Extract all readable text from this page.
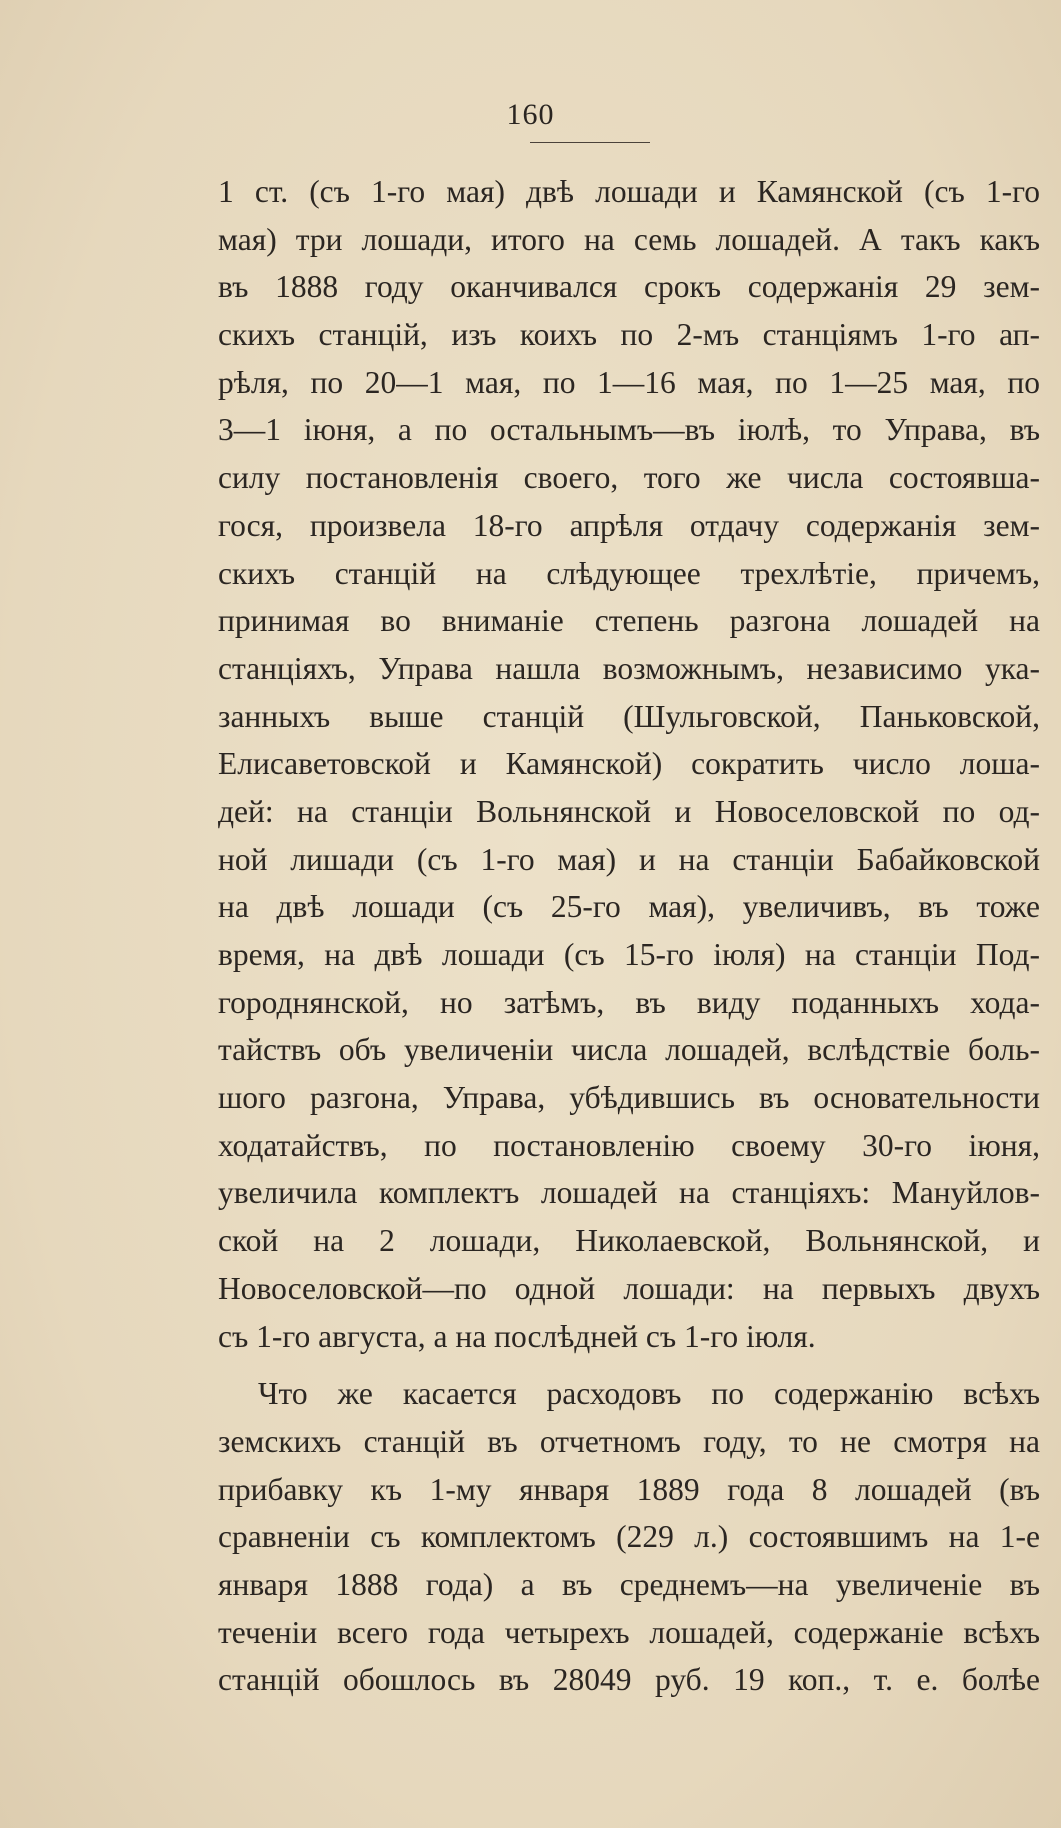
160
1 ст. (съ 1-го мая) двѣ лошади и Камянской (съ 1-го
мая) три лошади, итого на семь лошадей. А такъ какъ
въ 1888 году оканчивался срокъ содержанія 29 зем-
скихъ станцій, изъ коихъ по 2-мъ станціямъ 1-го ап-
рѣля, по 20—1 мая, по 1—16 мая, по 1—25 мая, по
3—1 іюня, а по остальнымъ—въ іюлѣ, то Управа, въ
силу постановленія своего, того же числа состоявша-
гося, произвела 18-го апрѣля отдачу содержанія зем-
скихъ станцій на слѣдующее трехлѣтіе, причемъ,
принимая во вниманіе степень разгона лошадей на
станціяхъ, Управа нашла возможнымъ, независимо ука-
занныхъ выше станцій (Шульговской, Паньковской,
Елисаветовской и Камянской) сократить число лоша-
дей: на станціи Вольнянской и Новоселовской по од-
ной лишади (съ 1-го мая) и на станціи Бабайковской
на двѣ лошади (съ 25-го мая), увеличивъ, въ тоже
время, на двѣ лошади (съ 15-го іюля) на станціи Под-
городнянской, но затѣмъ, въ виду поданныхъ хода-
тайствъ объ увеличеніи числа лошадей, вслѣдствіе боль-
шого разгона, Управа, убѣдившись въ основательности
ходатайствъ, по постановленію своему 30-го іюня,
увеличила комплектъ лошадей на станціяхъ: Мануйлов-
ской на 2 лошади, Николаевской, Вольнянской, и
Новоселовской—по одной лошади: на первыхъ двухъ
съ 1-го августа, а на послѣдней съ 1-го іюля.
Что же касается расходовъ по содержанію всѣхъ
земскихъ станцій въ отчетномъ году, то не смотря на
прибавку къ 1-му января 1889 года 8 лошадей (въ
сравненіи съ комплектомъ (229 л.) состоявшимъ на 1-е
января 1888 года) а въ среднемъ—на увеличеніе въ
теченіи всего года четырехъ лошадей, содержаніе всѣхъ
станцій обошлось въ 28049 руб. 19 коп., т. е. болѣе
